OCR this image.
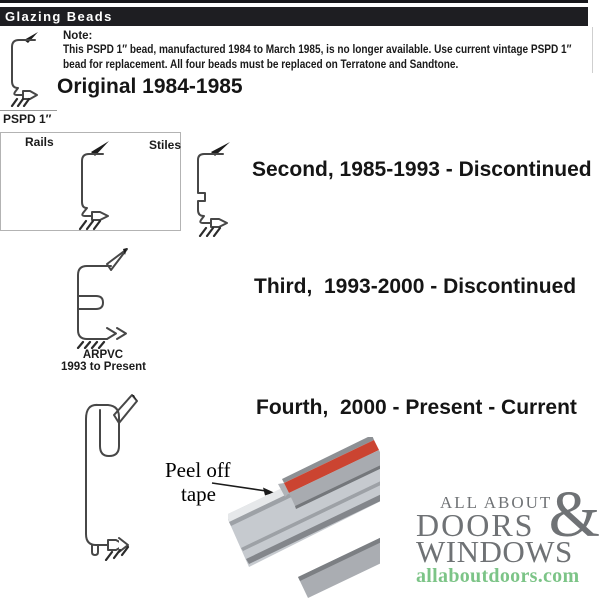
Glazing Beads
Note:
This PSPD 1″ bead, manufactured 1984 to March 1985, is no longer available. Use current vintage PSPD 1″
bead for replacement. All four beads must be replaced on Terratone and Sandtone.
Original 1984-1985
PSPD 1″
Rails	Stiles
Second, 1985-1993 - Discontinued
ARPVC
1993 to Present
Third,  1993-2000 - Discontinued
Fourth,  2000 - Present - Current
Peel off
tape	&
ALL ABOUT
DOORS
WINDOWS
allaboutdoors.com
